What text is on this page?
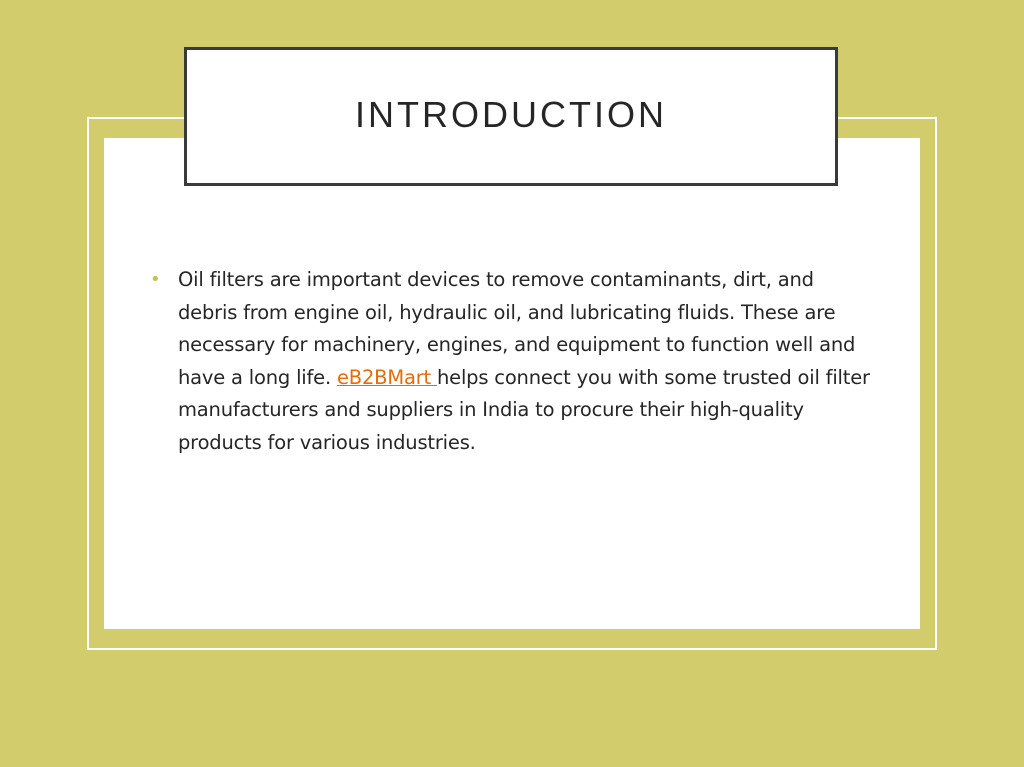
INTRODUCTION
• Oil filters are important devices to remove contaminants, dirt, and debris from engine oil, hydraulic oil, and lubricating fluids. These are necessary for machinery, engines, and equipment to function well and have a long life. eB2BMart helps connect you with some trusted oil filter manufacturers and suppliers in India to procure their high-quality products for various industries.
